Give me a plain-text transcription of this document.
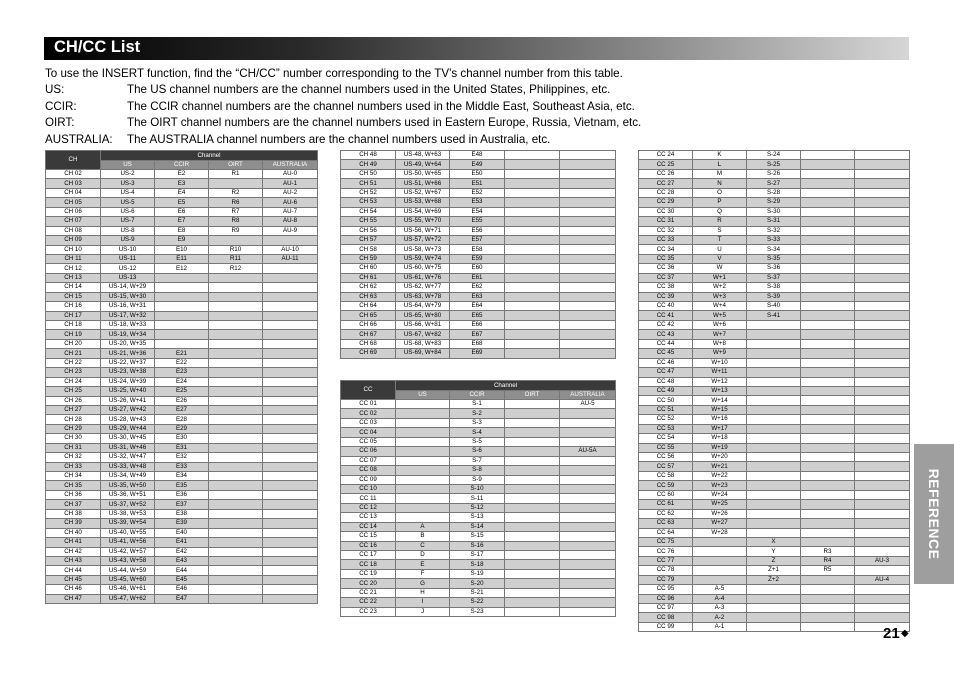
CH/CC List
To use the INSERT function, find the “CH/CC” number corresponding to the TV’s channel number from this table.
US:	The US channel numbers are the channel numbers used in the United States, Philippines, etc.
CCIR:	The CCIR channel numbers are the channel numbers used in the Middle East, Southeast Asia, etc.
OIRT:	The OIRT channel numbers are the channel numbers used in Eastern Europe, Russia, Vietnam, etc.
AUSTRALIA:	The AUSTRALIA channel numbers are the channel numbers used in Australia, etc.
CH	Channel			
	US	CCIR	OIRT	AUSTRALIA
CH 02	US-2	E2	R1	AU-0
CH 03	US-3	E3		AU-1
CH 04	US-4	E4	R2	AU-2
CH 05	US-5	E5	R6	AU-6
CH 06	US-6	E6	R7	AU-7
CH 07	US-7	E7	R8	AU-8
CH 08	US-8	E8	R9	AU-9
CH 09	US-9	E9		
CH 10	US-10	E10	R10	AU-10
CH 11	US-11	E11	R11	AU-11
CH 12	US-12	E12	R12	
CH 13	US-13			
CH 14	US-14, W+29			
CH 15	US-15, W+30			
CH 16	US-16, W+31			
CH 17	US-17, W+32			
CH 18	US-18, W+33			
CH 19	US-19, W+34			
CH 20	US-20, W+35			
CH 21	US-21, W+36	E21		
CH 22	US-22, W+37	E22		
CH 23	US-23, W+38	E23		
CH 24	US-24, W+39	E24		
CH 25	US-25, W+40	E25		
CH 26	US-26, W+41	E26		
CH 27	US-27, W+42	E27		
CH 28	US-28, W+43	E28		
CH 29	US-29, W+44	E29		
CH 30	US-30, W+45	E30		
CH 31	US-31, W+46	E31		
CH 32	US-32, W+47	E32		
CH 33	US-33, W+48	E33		
CH 34	US-34, W+49	E34		
CH 35	US-35, W+50	E35		
CH 36	US-36, W+51	E36		
CH 37	US-37, W+52	E37		
CH 38	US-38, W+53	E38		
CH 39	US-39, W+54	E39		
CH 40	US-40, W+55	E40		
CH 41	US-41, W+56	E41		
CH 42	US-42, W+57	E42		
CH 43	US-43, W+58	E43		
CH 44	US-44, W+59	E44		
CH 45	US-45, W+60	E45		
CH 46	US-46, W+61	E46		
CH 47	US-47, W+62	E47		
CH 48	US-48, W+63	E48		
CH 49	US-49, W+64	E49		
CH 50	US-50, W+65	E50		
CH 51	US-51, W+66	E51		
CH 52	US-52, W+67	E52		
CH 53	US-53, W+68	E53		
CH 54	US-54, W+69	E54		
CH 55	US-55, W+70	E55		
CH 56	US-56, W+71	E56		
CH 57	US-57, W+72	E57		
CH 58	US-58, W+73	E58		
CH 59	US-59, W+74	E59		
CH 60	US-60, W+75	E60		
CH 61	US-61, W+76	E61		
CH 62	US-62, W+77	E62		
CH 63	US-63, W+78	E63		
CH 64	US-64, W+79	E64		
CH 65	US-65, W+80	E65		
CH 66	US-66, W+81	E66		
CH 67	US-67, W+82	E67		
CH 68	US-68, W+83	E68		
CH 69	US-69, W+84	E69		
CC	Channel			
	US	CCIR	OIRT	AUSTRALIA
CC 01		S-1		AU-5
CC 02		S-2		
CC 03		S-3		
CC 04		S-4		
CC 05		S-5		
CC 06		S-6		AU-5A
CC 07		S-7		
CC 08		S-8		
CC 09		S-9		
CC 10		S-10		
CC 11		S-11		
CC 12		S-12		
CC 13		S-13		
CC 14	A	S-14		
CC 15	B	S-15		
CC 16	C	S-16		
CC 17	D	S-17		
CC 18	E	S-18		
CC 19	F	S-19		
CC 20	G	S-20		
CC 21	H	S-21		
CC 22	I	S-22		
CC 23	J	S-23		
CC 24	K	S-24		
CC 25	L	S-25		
CC 26	M	S-26		
CC 27	N	S-27		
CC 28	O	S-28		
CC 29	P	S-29		
CC 30	Q	S-30		
CC 31	R	S-31		
CC 32	S	S-32		
CC 33	T	S-33		
CC 34	U	S-34		
CC 35	V	S-35		
CC 36	W	S-36		
CC 37	W+1	S-37		
CC 38	W+2	S-38		
CC 39	W+3	S-39		
CC 40	W+4	S-40		
CC 41	W+5	S-41		
CC 42	W+6			
CC 43	W+7			
CC 44	W+8			
CC 45	W+9			
CC 46	W+10			
CC 47	W+11			
CC 48	W+12			
CC 49	W+13			
CC 50	W+14			
CC 51	W+15			
CC 52	W+16			
CC 53	W+17			
CC 54	W+18			
CC 55	W+19			
CC 56	W+20			
CC 57	W+21			
CC 58	W+22			
CC 59	W+23			
CC 60	W+24			
CC 61	W+25			
CC 62	W+26			
CC 63	W+27			
CC 64	W+28			
CC 75		X		
CC 76		Y	R3	
CC 77		Z	R4	AU-3
CC 78		Z+1	R5	
CC 79		Z+2		AU-4
CC 95	A-5			
CC 96	A-4			
CC 97	A-3			
CC 98	A-2			
CC 99	A-1			
REFERENCE
21 ◆
